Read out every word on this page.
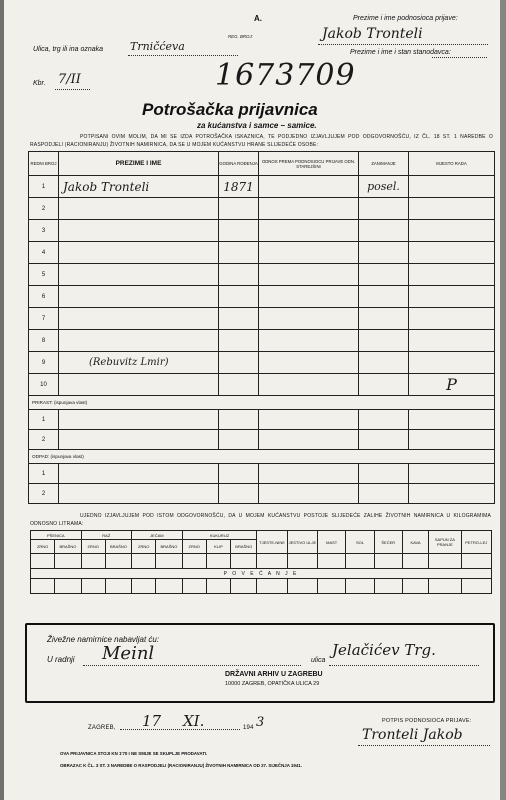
A.
REG. BROJ:
Prezime i ime podnosioca prijave:
Jakob Tronteli
Ulica, trg ili ina oznaka Trničćeva	Prezime i ime i stan stanodavca:
Kbr. 7/II	1673709
Potrošačka prijavnica
za kućanstva i samce – samice.
POTPISANI OVIM MOLIM, DA MI SE IZDA POTROŠAČKA ISKAZNICA, TE PODJEDNO IZJAVLJUJEM POD ODGOVORNOŠĆU, IZ ČL. 18 ST. 1 NAREDBE O RASPODJELI (RACIONIRANJU) ŽIVOTNIH NAMIRNICA, DA SE U MOJEM KUĆANSTVU HRANE SLIJEDEĆE OSOBE:
REDNI BROJ	PREZIME I IME	GODINA ROĐENJA	ODNOS PREMA PODNOSIOCU PRIJAVE ODN. STAREJŠINI	ZANIMANJE	MJESTO RADA
1	Jakob Tronteli	1871		posel.	
2					
3					
4					
5					
6					
7					
8					
9	(Rebuvitz Lmir)				
10					P
PRIRAST: (ispunjava vlast)					
1					
2					
ODPAD: (ispunjava vlast)					
1					
2					
UJEDNO IZJAVLJUJEM POD ISTOM ODGOVORNOŠĆU, DA U MOJEM KUĆANSTVU POSTOJE SLIJEDEĆE ZALIHE ŽIVOTNIH NAMIRNICA U KILOGRAMIMA ODNOSNO LITRAMA:
PŠENICA		RAŽ		JEČAM		KUKURUZ			TJESTE-NINE	JESTIVO ULJE	MAST	SOL	ŠEĆER	KAVA	SAPUN ZA PRANJE	PETRO-LEJ
ZRNO	BRAŠNO	ZRNO	BRAŠNO	ZRNO	BRAŠNO	ZRNO	KLIP	BRAŠNO								

P O V E Ć A N J E																

Živežne namirnice nabavljat ću:
U radnji Meinl	ulica
Jelačićev Trg.
DRŽAVNI ARHIV U ZAGREBU
10000 ZAGREB, OPATIČKA ULICA 29
ZAGREB, 17 XI.	194 3	POTPIS PODNOSIOCA PRIJAVE:
Tronteli Jakob
OVA PRIJAVNICA STOJI KN 1'70 I NE SMIJE SE SKUPLJE PRODAVATI.
OBRAZAC K ČL. 3 ST. 3 NAREDBE O RASPODJELI (RACIONIRANJU) ŽIVOTNIH NAMIRNICA OD 27. SIJEČNJA 1941.
